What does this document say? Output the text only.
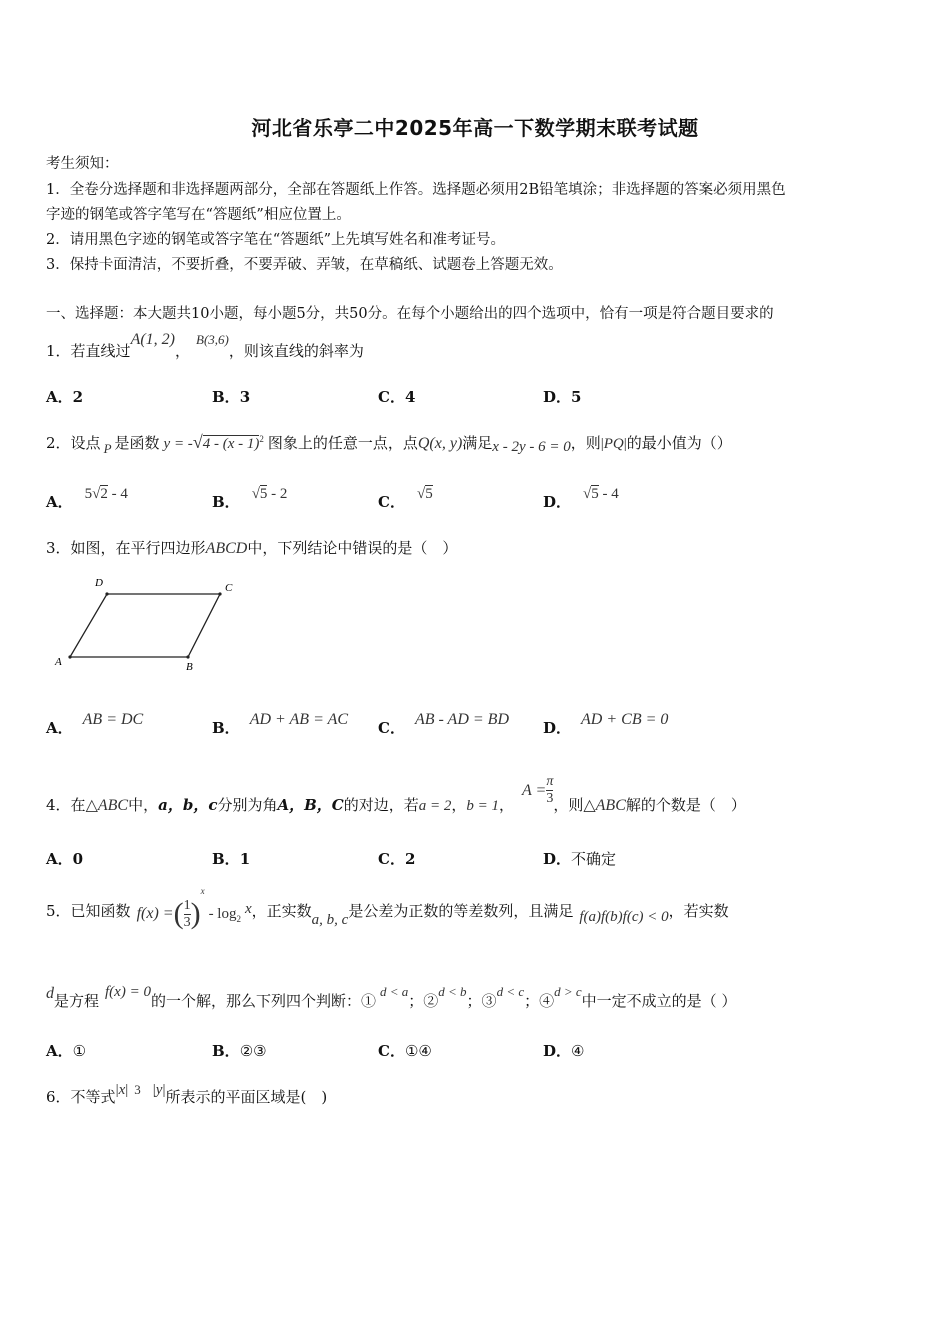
河北省乐亭二中2025年高一下数学期末联考试题
考生须知：
1．全卷分选择题和非选择题两部分，全部在答题纸上作答。选择题必须用2B铅笔填涂；非选择题的答案必须用黑色
字迹的钢笔或答字笔写在“答题纸”相应位置上。
2．请用黑色字迹的钢笔或答字笔在“答题纸”上先填写姓名和准考证号。
3．保持卡面清洁，不要折叠，不要弄破、弄皱，在草稿纸、试题卷上答题无效。
一、选择题：本大题共10小题，每小题5分，共50分。在每个小题给出的四个选项中，恰有一项是符合题目要求的
1．若直线过A(1, 2)，B(3,6)，则该直线的斜率为
A．2	B．3	C．4	D．5
2．设点 P 是函数 y = -√4 - (x - 1)$^2$ 图象上的任意一点，点Q(x, y)满足x - 2y - 6 = 0，则|PQ|的最小值为（）
A． 5√2 - 4	B． √5 - 2	C． √5	D． √5 - 4
3．如图，在平行四边形ABCD中，下列结论中错误的是（　）
A	B
C
D
A． AB = DC	B． AD + AB = AC C． AB - AD = BD D． AD + CB = 0
4．在△ABC中，a，b，c分别为角A，B，C的对边，若a = 2，b = 1，$A = \frac{\pi}{3}$ ，则△ABC解的个数是（　）
A．0	B．1	C．2	D．不确定
5．已知函数 f(x) =( $\frac{1}{3} )^x-$ $\log_2x$，正实数a, b, c是公差为正数的等差数列，且满足 f(a)f(b)f(c) < 0，若实数
d是方程 f(x) = 0的一个解，那么下列四个判断：①d < a；②d < b；③d < c；④d > c中一定不成立的是（ ）
A．①	B．②③	C．①④	D．④
6．不等式|x| 3 |y|所表示的平面区域是(　)
